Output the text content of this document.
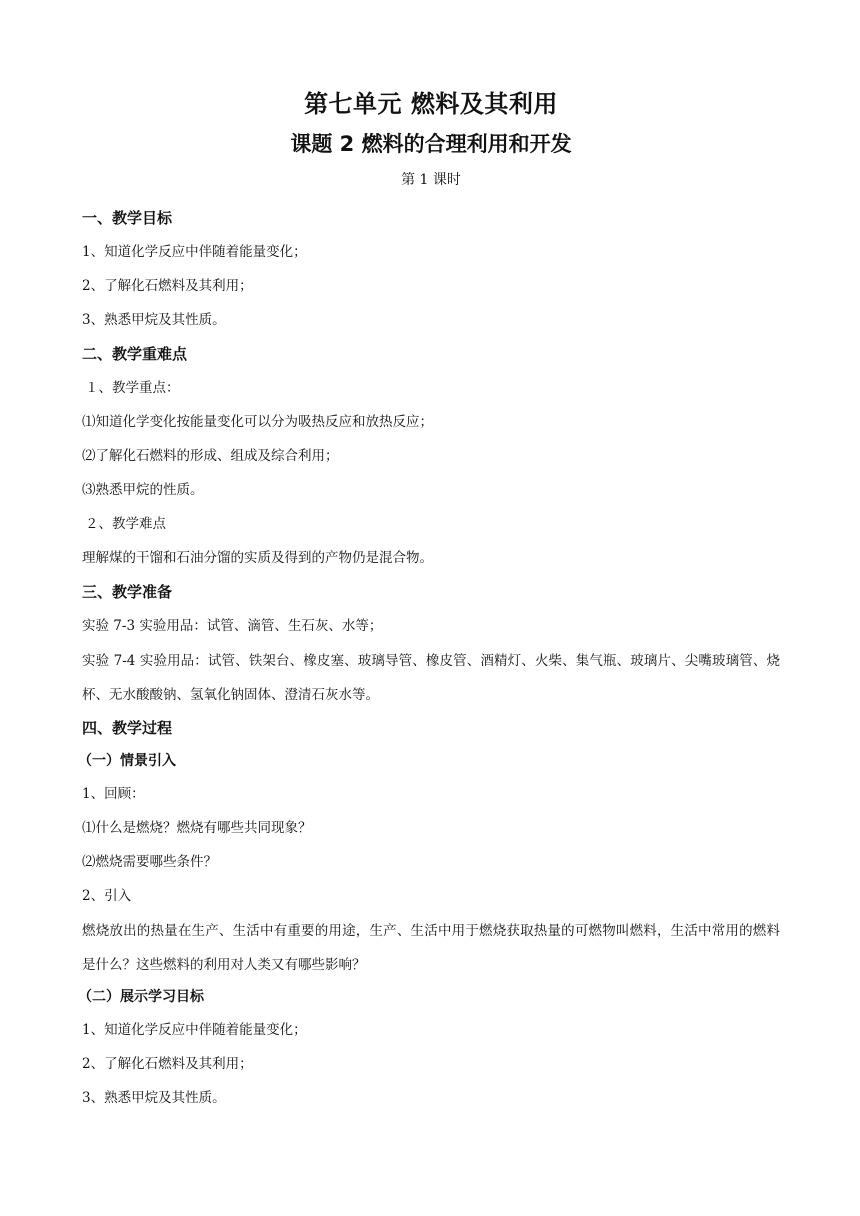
第七单元 燃料及其利用
课题 2 燃料的合理利用和开发
第 1 课时
一、教学目标
1、知道化学反应中伴随着能量变化；
2、了解化石燃料及其利用；
3、熟悉甲烷及其性质。
二、教学重难点
１、教学重点：
⑴知道化学变化按能量变化可以分为吸热反应和放热反应；
⑵了解化石燃料的形成、组成及综合利用；
⑶熟悉甲烷的性质。
２、教学难点
理解煤的干馏和石油分馏的实质及得到的产物仍是混合物。
三、教学准备
实验 7-3 实验用品：试管、滴管、生石灰、水等；
实验 7-4 实验用品：试管、铁架台、橡皮塞、玻璃导管、橡皮管、酒精灯、火柴、集气瓶、玻璃片、尖嘴玻璃管、烧杯、无水酸酸钠、氢氧化钠固体、澄清石灰水等。
四、教学过程
（一）情景引入
1、回顾：
⑴什么是燃烧？燃烧有哪些共同现象？
⑵燃烧需要哪些条件？
2、引入
燃烧放出的热量在生产、生活中有重要的用途，生产、生活中用于燃烧获取热量的可燃物叫燃料，生活中常用的燃料是什么？这些燃料的利用对人类又有哪些影响？
（二）展示学习目标
1、知道化学反应中伴随着能量变化；
2、了解化石燃料及其利用；
3、熟悉甲烷及其性质。
